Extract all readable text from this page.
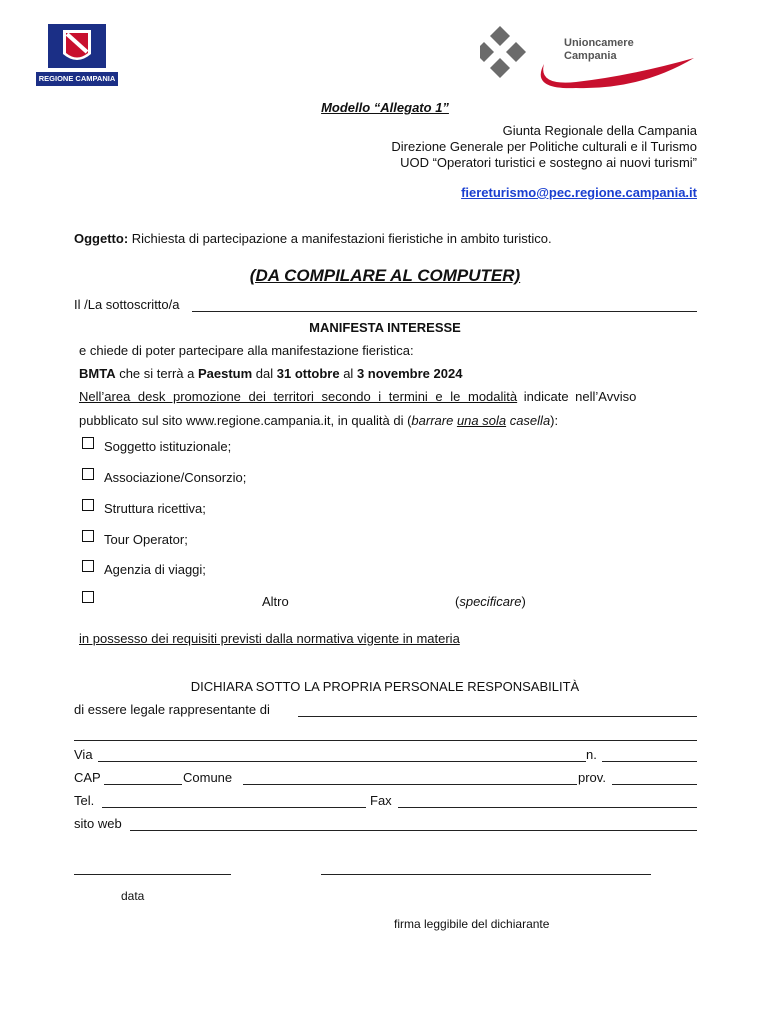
REGIONE CAMPANIA
Unioncamere
Campania
Modello “Allegato 1”
Giunta Regionale della Campania
Direzione Generale per Politiche culturali e il Turismo
UOD “Operatori turistici e sostegno ai nuovi turismi”
fiereturismo@pec.regione.campania.it
Oggetto: Richiesta di partecipazione a manifestazioni fieristiche in ambito turistico.
(DA COMPILARE AL COMPUTER)
Il /La sottoscritto/a
MANIFESTA INTERESSE
e chiede di poter partecipare alla manifestazione fieristica:
BMTA che si terrà a Paestum dal 31 ottobre al 3 novembre 2024
Nell’area desk promozione dei territori secondo i termini e le modalità indicate nell’Avviso
pubblicato sul sito www.regione.campania.it, in qualità di (barrare una sola casella):
Soggetto istituzionale;
Associazione/Consorzio;
Struttura ricettiva;
Tour Operator;
Agenzia di viaggi;
Altro	(specificare)
in possesso dei requisiti previsti dalla normativa vigente in materia
DICHIARA SOTTO LA PROPRIA PERSONALE RESPONSABILITÀ
di essere legale rappresentante di
Via	n.
CAP	Comune	prov.
Tel.	Fax
sito web
data
firma leggibile del dichiarante
